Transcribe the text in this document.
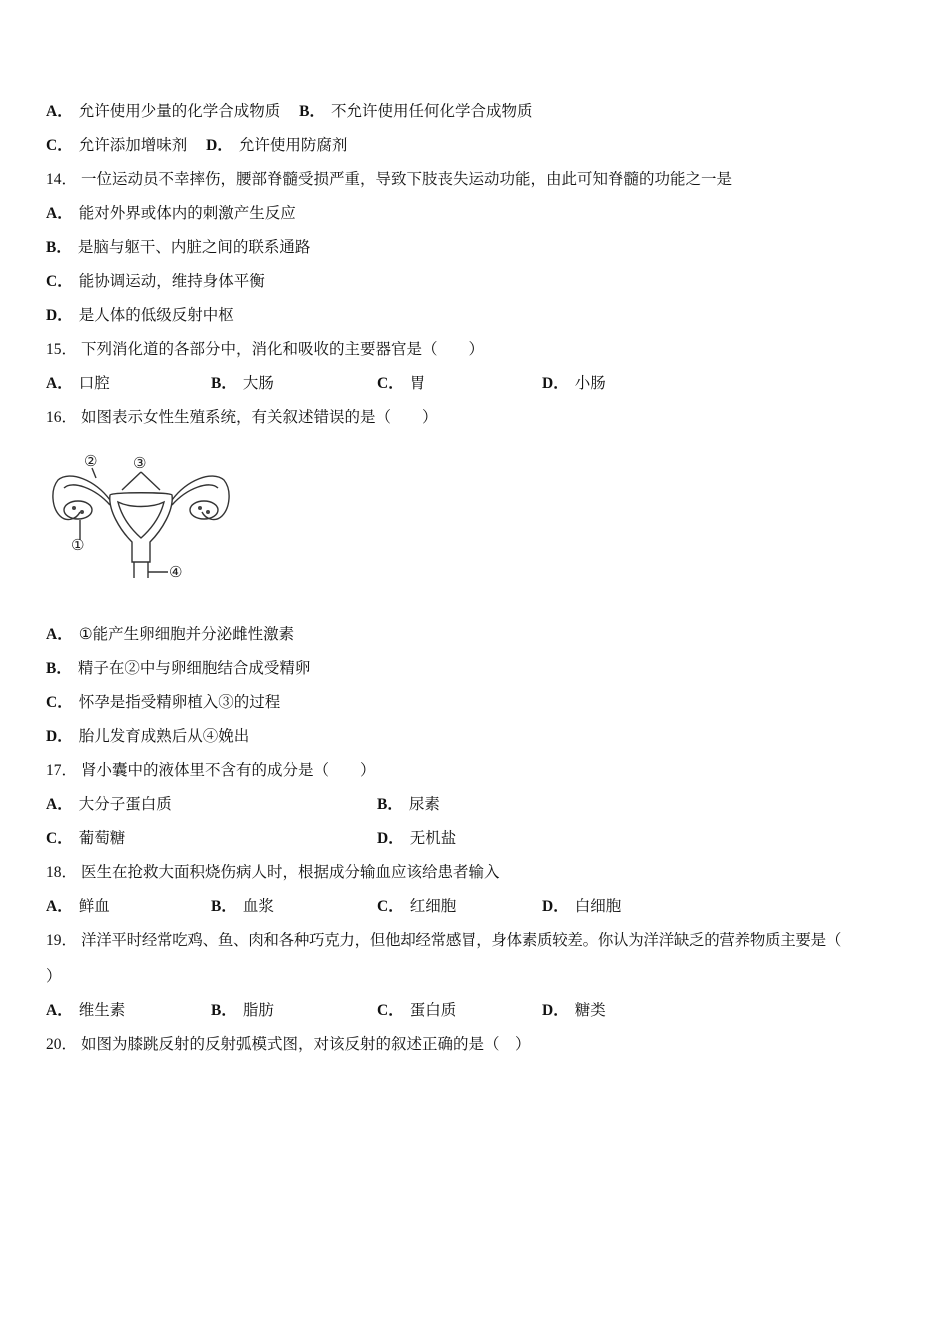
A． 允许使用少量的化学合成物质 B． 不允许使用任何化学合成物质
C． 允许添加增味剂 D． 允许使用防腐剂
14． 一位运动员不幸摔伤，腰部脊髓受损严重，导致下肢丧失运动功能，由此可知脊髓的功能之一是
A． 能对外界或体内的刺激产生反应
B． 是脑与躯干、内脏之间的联系通路
C． 能协调运动，维持身体平衡
D． 是人体的低级反射中枢
15． 下列消化道的各部分中，消化和吸收的主要器官是（　　）
A． 口腔	B． 大肠	C． 胃	D． 小肠
16． 如图表示女性生殖系统，有关叙述错误的是（　　）
①
② ③
④
A． ①能产生卵细胞并分泌雌性激素
B． 精子在②中与卵细胞结合成受精卵
C． 怀孕是指受精卵植入③的过程
D． 胎儿发育成熟后从④娩出
17． 肾小囊中的液体里不含有的成分是（　　）
A． 大分子蛋白质	B． 尿素
C． 葡萄糖	D． 无机盐
18． 医生在抢救大面积烧伤病人时，根据成分输血应该给患者输入
A． 鲜血	B． 血浆	C． 红细胞	D． 白细胞
19． 洋洋平时经常吃鸡、鱼、肉和各种巧克力，但他却经常感冒，身体素质较差。你认为洋洋缺乏的营养物质主要是（
）
A． 维生素	B． 脂肪	C． 蛋白质	D． 糖类
20． 如图为膝跳反射的反射弧模式图，对该反射的叙述正确的是（　）
